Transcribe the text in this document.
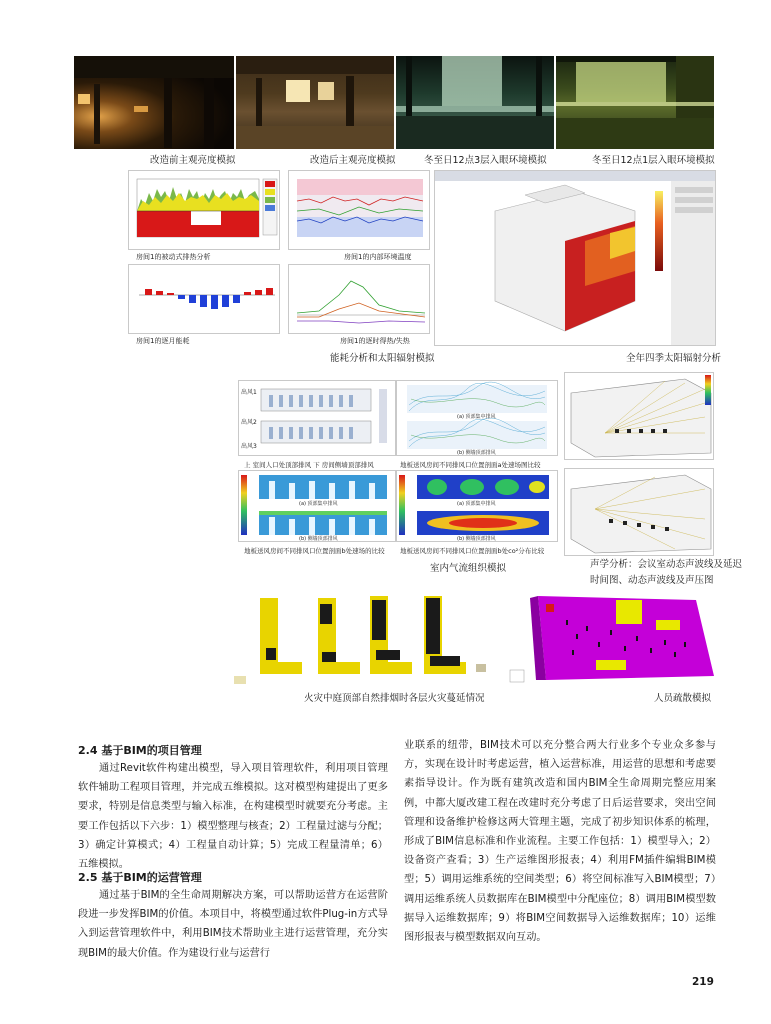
改造前主观亮度模拟	改造后主观亮度模拟	冬至日12点3层入眼环境模拟	冬至日12点1层入眼环境模拟
房间1的被动式排热分析	房间1的内部环境温度
房间1的逐月能耗	房间1的逐时得热/失热
能耗分析和太阳辐射模拟	全年四季太阳辐射分析
出风1
出风2
出风3
上 室间人口处顶部排风 下 房间侧墙顶部排风
(a) 顶部集中排风
(b) 侧墙顶部排风
地板送风房间不同排风口位置剖面a处速场图比较
(a) 顶部集中排风
(b) 侧墙顶部排风
地板送风房间不同排风口位置剖面b处速场的比较
(a) 顶部集中排风
(b) 侧墙顶部排风
地板送风房间不同排风口位置剖面b处co²分布比较
室内气流组织模拟	声学分析：会议室动态声波线及延迟
时间图、动态声波线及声压图
火灾中庭顶部自然排烟时各层火灾蔓延情况	人员疏散模拟
2.4 基于BIM的项目管理

通过Revit软件构建出模型，导入项目管理软件，利用项目管理软件辅助工程项目管理，并完成五维模拟。这对模型构建提出了更多要求，特别是信息类型与输入标准，在构建模型时就要充分考虑。主要工作包括以下六步：1）模型整理与核查；2）工程量过滤与分配；3）确定计算模式；4）工程量自动计算；5）完成工程量清单；6）五维模拟。

2.5 基于BIM的运营管理

通过基于BIM的全生命周期解决方案，可以帮助运营方在运营阶段进一步发挥BIM的价值。本项目中，将模型通过软件Plug-in方式导入到运营管理软件中，利用BIM技术帮助业主进行运营管理，充分实现BIM的最大价值。作为建设行业与运营行

业联系的纽带，BIM技术可以充分整合两大行业多个专业众多参与方，实现在设计时考虑运营，植入运营标准，用运营的思想和考虑要素指导设计。作为既有建筑改造和国内BIM全生命周期完整应用案例，中都大厦改建工程在改建时充分考虑了日后运营要求，突出空间管理和设备维护检修这两大管理主题，完成了初步知识体系的梳理，形成了BIM信息标准和作业流程。主要工作包括：1）模型导入；2）设备资产查看；3）生产运维图形报表；4）利用FM插件编辑BIM模型；5）调用运维系统的空间类型；6）将空间标准写入BIM模型；7）调用运维系统人员数据库在BIM模型中分配座位；8）调用BIM模型数据导入运维数据库；9）将BIM空间数据导入运维数据库；10）运维图形报表与模型数据双向互动。

219
